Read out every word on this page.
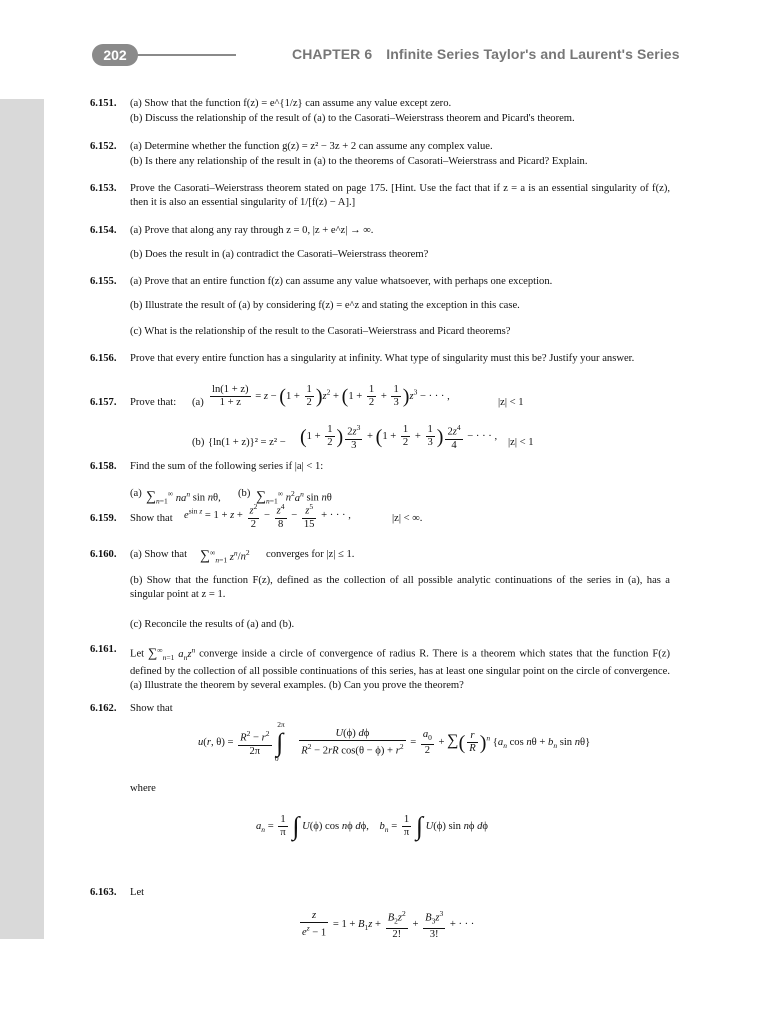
202	CHAPTER 6 Infinite Series Taylor's and Laurent's Series
6.151. (a) Show that the function f(z) = e^{1/z} can assume any value except zero.
(b) Discuss the relationship of the result of (a) to the Casorati–Weierstrass theorem and Picard's theorem.
6.152. (a) Determine whether the function g(z) = z² − 3z + 2 can assume any complex value.
(b) Is there any relationship of the result in (a) to the theorems of Casorati–Weierstrass and Picard? Explain.
6.153. Prove the Casorati–Weierstrass theorem stated on page 175. [Hint. Use the fact that if z = a is an essential singularity of f(z), then it is also an essential singularity of 1/[f(z) − A].]
6.154. (a) Prove that along any ray through z = 0, |z + e^z| → ∞.
(b) Does the result in (a) contradict the Casorati–Weierstrass theorem?
6.155. (a) Prove that an entire function f(z) can assume any value whatsoever, with perhaps one exception.
(b) Illustrate the result of (a) by considering f(z) = e^z and stating the exception in this case.
(c) What is the relationship of the result to the Casorati–Weierstrass and Picard theorems?
6.156. Prove that every entire function has a singularity at infinity. What type of singularity must this be? Justify your answer.
6.157. Prove that: $(a) \frac{\ln(1 + z)}{1 + z} = z - (1 + \frac{1}{2} )z^2 + (1 + \frac{1}{2} + \frac{1}{3} )z^3$ − · · · ,
|z| < 1
(b) $\{\ln(1 + z)\}^2 = z^2 - (1 + \frac{1}{2}$ ) $\frac{2z^3}{3} + (1 + \frac{1}{2} + \frac{1}{3}$ ) $\frac{2z^4}{4}$ − · · · ,
|z| < 1
6.158. Find the sum of the following series if |a| < 1:
(a) $\sum_{n=1}^\infty$ $na^n$ sin nθ, (b) $\sum_{n=1}^\infty$ $n^2a^n$ sin nθ
6.159. Show that $e^{sin z} = 1 + z + \frac{z^2}{2} - \frac{z^4}{8} - \frac{z^5}{15}$ + · · · ,	|z| < ∞.
6.160. (a) Show that $\sum^\infty_{n=1}$ $z^n/n^2$ converges for |z| ≤ 1.
(b) Show that the function F(z), defined as the collection of all possible analytic continuations of the series in (a), has a singular point at z = 1.
(c) Reconcile the results of (a) and (b).
6.161. Let $\sum^\infty_{n=1}$ $a_nz^n$ converge inside a circle of convergence of radius R. There is a theorem which states that the function F(z) defined by the collection of all possible continuations of this series, has at least one singular point on the circle of convergence. (a) Illustrate the theorem by several examples. (b) Can you prove the theorem?
6.162. Show that
u(r, $\theta) = \frac{R^2 - r^2}{2\pi} \int^{2\pi}_0$
$\frac{U(\phi) d\phi}{R^2 - 2rR \cos(\theta - \phi) + r^2} = \frac{a_0}{2}$ + ∑( $\frac{r}{R} )^n$ {$a_n$ $\cos n\theta + b_n$ sin nθ}
where
$a_n = \frac{1}{\pi}$ ∫ U(ϕ) cos nϕ dϕ,    $b_n = \frac{1}{\pi}$ ∫ U(ϕ) sin nϕ dϕ
6.163. Let
$\frac{z}{e^z - 1} = 1 + B_1z + \frac{B_2z^2}{2!} + \frac{B_3z^3}{3!}$ + · · ·
